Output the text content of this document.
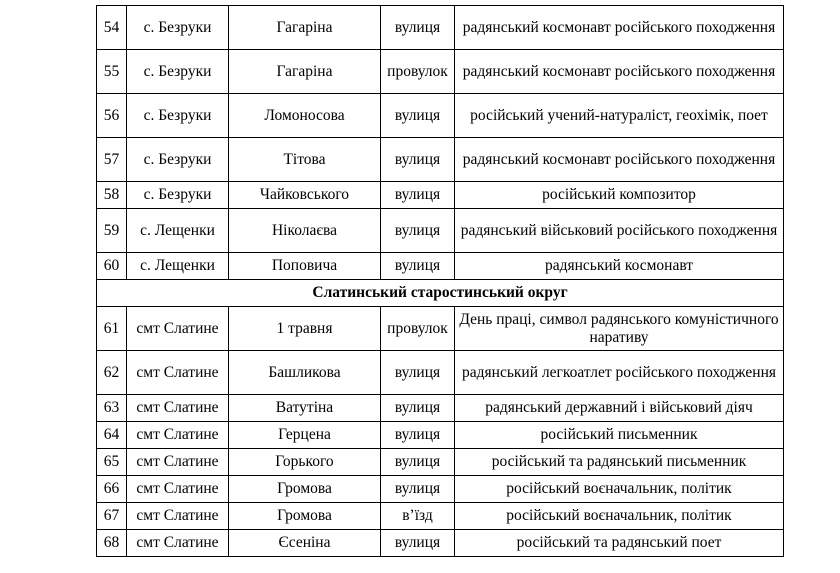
54	с. Безруки	Гагаріна	вулиця	радянський космонавт російського походження
55	с. Безруки	Гагаріна	провулок	радянський космонавт російського походження
56	с. Безруки	Ломоносова	вулиця	російський учений-натураліст, геохімік, поет
57	с. Безруки	Тітова	вулиця	радянський космонавт російського походження
58	с. Безруки	Чайковського	вулиця	російський композитор
59	с. Лещенки	Ніколаєва	вулиця	радянський військовий російського походження
60	с. Лещенки	Поповича	вулиця	радянський космонавт
Слатинський старостинський округ				
61	смт Слатине	1 травня	провулок	День праці, символ радянського комуністичного наративу
62	смт Слатине	Башликова	вулиця	радянський легкоатлет російського походження
63	смт Слатине	Ватутіна	вулиця	радянський державний і військовий діяч
64	смт Слатине	Герцена	вулиця	російський письменник
65	смт Слатине	Горького	вулиця	російський та радянський письменник
66	смт Слатине	Громова	вулиця	російський воєначальник, політик
67	смт Слатине	Громова	в’їзд	російський воєначальник, політик
68	смт Слатине	Єсеніна	вулиця	російський та радянський поет
